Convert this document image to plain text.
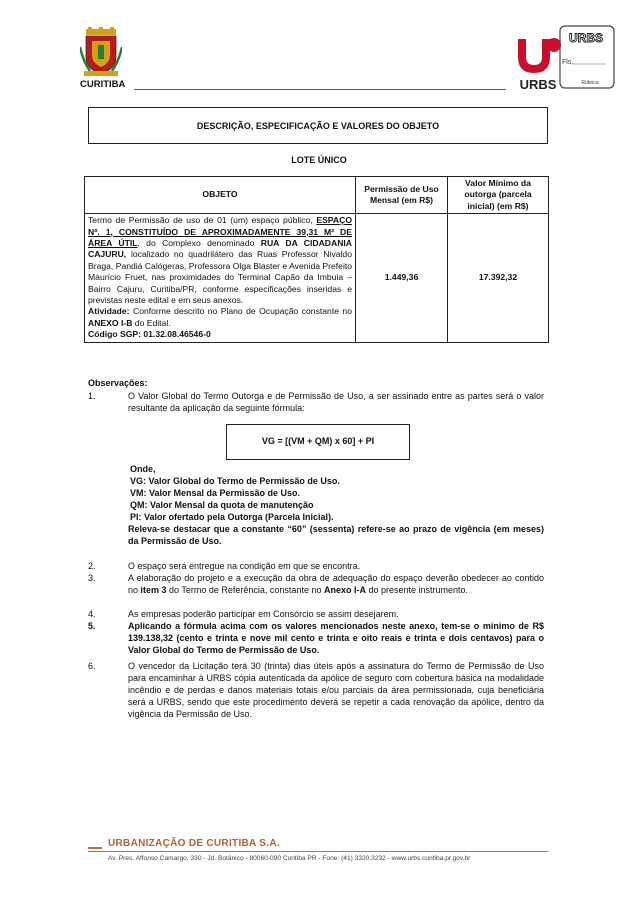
CURITIBA	URBS
URBS
Fls.
Rubrica
DESCRIÇÃO, ESPECIFICAÇÃO E VALORES DO OBJETO
LOTE ÚNICO
OBJETO	Permissão de Uso Mensal (em R$)	Valor Mínimo da outorga (parcela inicial) (em R$)
Termo de Permissão de uso de 01 (um) espaço público, ESPAÇO Nº. 1, CONSTITUÍDO DE APROXIMADAMENTE 39,31 M² DE ÁREA ÚTIL, do Complexo denominado RUA DA CIDADANIA CAJURU, localizado no quadrilátero das Ruas Professor Nivaldo Braga, Pandiá Calógeras, Professora Olga Blaster e Avenida Prefeito Maurício Fruet, nas proximidades do Terminal Capão da Imbuia – Bairro Cajuru, Curitiba/PR, conforme especificações inseridas e previstas neste edital e em seus anexos.
Atividade: Conforme descrito no Plano de Ocupação constante no ANEXO I-B do Edital.
Código SGP: 01.32.08.46546-0	1.449,36	17.392,32
Observações:
1.	O Valor Global do Termo Outorga e de Permissão de Uso, a ser assinado entre as partes será o valor resultante da aplicação da seguinte fórmula:
VG = [(VM + QM) x 60] + PI
Onde,
VG: Valor Global do Termo de Permissão de Uso.
VM: Valor Mensal da Permissão de Uso.
QM: Valor Mensal da quota de manutenção
PI: Valor ofertado pela Outorga (Parcela Inicial).
Releva-se destacar que a constante “60” (sessenta) refere-se ao prazo de vigência (em meses) da Permissão de Uso.
2.	O espaço será entregue na condição em que se encontra.
3.	A elaboração do projeto e a execução da obra de adequação do espaço deverão obedecer ao contido no item 3 do Termo de Referência, constante no Anexo I-A do presente instrumento.
4.	As empresas poderão participar em Consórcio se assim desejarem.
5.	Aplicando a fórmula acima com os valores mencionados neste anexo, tem-se o mínimo de R$ 139.138,32 (cento e trinta e nove mil cento e trinta e oito reais e trinta e dois centavos) para o Valor Global do Termo de Permissão de Uso.
6.	O vencedor da Licitação terá 30 (trinta) dias úteis após a assinatura do Termo de Permissão de Uso para encaminhar à URBS cópia autenticada da apólice de seguro com cobertura básica na modalidade incêndio e de perdas e danos materiais totais e/ou parciais da área permissionada, cuja beneficiária será a URBS, sendo que este procedimento deverá se repetir a cada renovação da apólice, dentro da vigência da Permissão de Uso.
URBANIZAÇÃO DE CURITIBA S.A.
Av. Pres. Affonso Camargo, 330 - Jd. Botânico - 80060-090 Curitiba PR - Fone: (41) 3320.3232 - www.urbs.curitiba.pr.gov.br
